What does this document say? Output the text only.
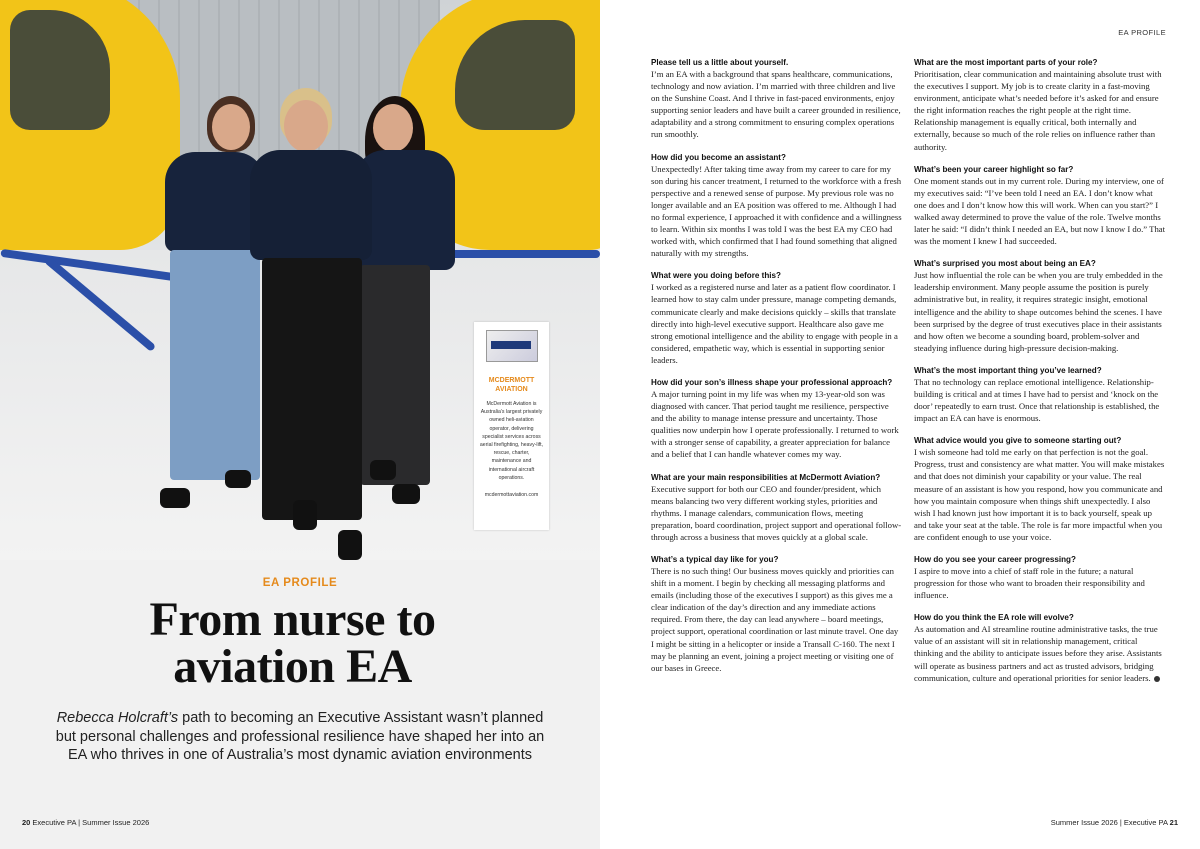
MCDERMOTT
AVIATION
McDermott Aviation is Australia’s largest privately owned heli-aviation operator, delivering specialist services across aerial firefighting, heavy-lift, rescue, charter, maintenance and international aircraft operations.
mcdermottaviation.com
EA PROFILE
From nurse to
aviation EA
Rebecca Holcraft’s path to becoming an Executive Assistant wasn’t planned but personal challenges and professional resilience have shaped her into an EA who thrives in one of Australia’s most dynamic aviation environments
20 Executive PA | Summer Issue 2026
EA PROFILE
Please tell us a little about yourself.
I’m an EA with a background that spans healthcare, communications, technology and now aviation. I’m married with three children and live on the Sunshine Coast. And I thrive in fast-paced environments, enjoy supporting senior leaders and have built a career grounded in resilience, adaptability and a strong commitment to ensuring complex operations run smoothly.
How did you become an assistant?
Unexpectedly! After taking time away from my career to care for my son during his cancer treatment, I returned to the workforce with a fresh perspective and a renewed sense of purpose. My previous role was no longer available and an EA position was offered to me. Although I had no formal experience, I approached it with confidence and a willingness to learn. Within six months I was told I was the best EA my CEO had worked with, which confirmed that I had found something that aligned naturally with my strengths.
What were you doing before this?
I worked as a registered nurse and later as a patient flow coordinator. I learned how to stay calm under pressure, manage competing demands, communicate clearly and make decisions quickly – skills that translate directly into high-level executive support. Healthcare also gave me strong emotional intelligence and the ability to engage with people in a considered, empathetic way, which is essential in supporting senior leaders.
How did your son’s illness shape your professional approach?
A major turning point in my life was when my 13-year-old son was diagnosed with cancer. That period taught me resilience, perspective and the ability to manage intense pressure and uncertainty. Those qualities now underpin how I operate professionally. I returned to work with a stronger sense of capability, a greater appreciation for balance and a belief that I can handle whatever comes my way.
What are your main responsibilities at McDermott Aviation?
Executive support for both our CEO and founder/president, which means balancing two very different working styles, priorities and rhythms. I manage calendars, communication flows, meeting preparation, board coordination, project support and operational follow-through across a business that moves quickly at a global scale.
What’s a typical day like for you?
There is no such thing! Our business moves quickly and priorities can shift in a moment. I begin by checking all messaging platforms and emails (including those of the executives I support) as this gives me a clear indication of the day’s direction and any immediate actions required. From there, the day can lead anywhere – board meetings, project support, operational coordination or last minute travel. One day I might be sitting in a helicopter or inside a Transall C-160. The next I may be planning an event, joining a project meeting or visiting one of our bases in Greece.
What are the most important parts of your role?
Prioritisation, clear communication and maintaining absolute trust with the executives I support. My job is to create clarity in a fast-moving environment, anticipate what’s needed before it’s asked for and ensure the right information reaches the right people at the right time. Relationship management is equally critical, both internally and externally, because so much of the role relies on influence rather than authority.
What’s been your career highlight so far?
One moment stands out in my current role. During my interview, one of my executives said: “I’ve been told I need an EA. I don’t know what one does and I don’t know how this will work. When can you start?” I walked away determined to prove the value of the role. Twelve months later he said: “I didn’t think I needed an EA, but now I know I do.” That was the moment I knew I had succeeded.
What’s surprised you most about being an EA?
Just how influential the role can be when you are truly embedded in the leadership environment. Many people assume the position is purely administrative but, in reality, it requires strategic insight, emotional intelligence and the ability to shape outcomes behind the scenes. I have been surprised by the degree of trust executives place in their assistants and how often we become a sounding board, problem-solver and steadying influence during high-pressure decision-making.
What’s the most important thing you’ve learned?
That no technology can replace emotional intelligence. Relationship-building is critical and at times I have had to persist and ‘knock on the door’ repeatedly to earn trust. Once that relationship is established, the impact an EA can have is enormous.
What advice would you give to someone starting out?
I wish someone had told me early on that perfection is not the goal. Progress, trust and consistency are what matter. You will make mistakes and that does not diminish your capability or your value. The real measure of an assistant is how you respond, how you communicate and how you maintain composure when things shift unexpectedly. I also wish I had known just how important it is to back yourself, speak up and take your seat at the table. The role is far more impactful when you are confident enough to use your voice.
How do you see your career progressing?
I aspire to move into a chief of staff role in the future; a natural progression for those who want to broaden their responsibility and influence.
How do you think the EA role will evolve?
As automation and AI streamline routine administrative tasks, the true value of an assistant will sit in relationship management, critical thinking and the ability to anticipate issues before they arise. Assistants will operate as business partners and act as trusted advisors, bridging communication, culture and operational priorities for senior leaders.
Summer Issue 2026 | Executive PA 21
